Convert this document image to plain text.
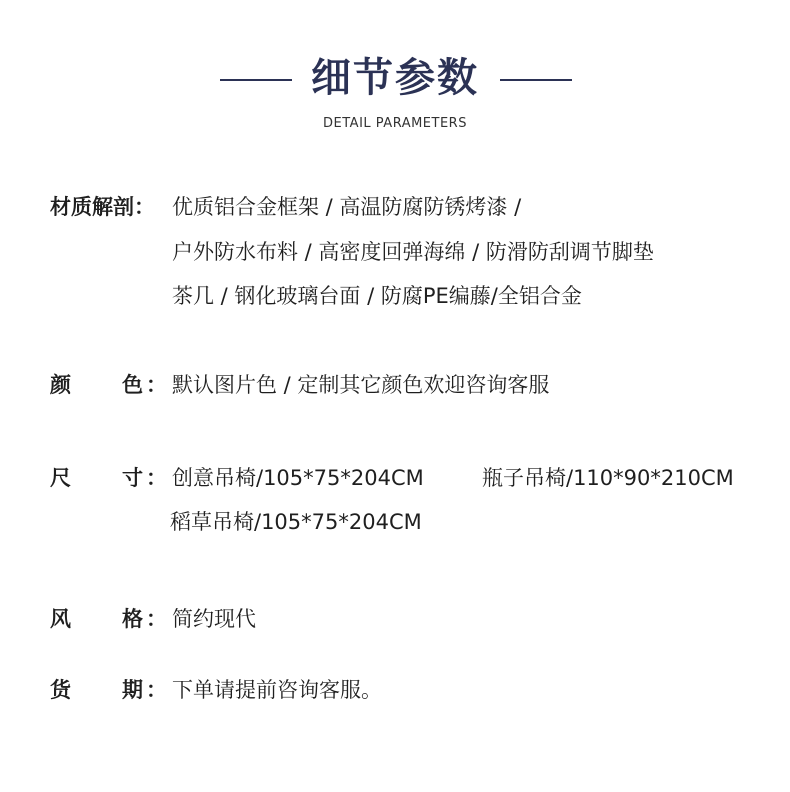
细节参数
DETAIL PARAMETERS
材质解剖： 优质铝合金框架 / 高温防腐防锈烤漆 /
户外防水布料 / 高密度回弹海绵 / 防滑防刮调节脚垫
茶几 / 钢化玻璃台面 / 防腐PE编藤/全铝合金
颜 色 ： 默认图片色 / 定制其它颜色欢迎咨询客服
尺 寸 ： 创意吊椅/105*75*204CM	瓶子吊椅/110*90*210CM
稻草吊椅/105*75*204CM
风 格 ： 简约现代
货 期 ： 下单请提前咨询客服。
